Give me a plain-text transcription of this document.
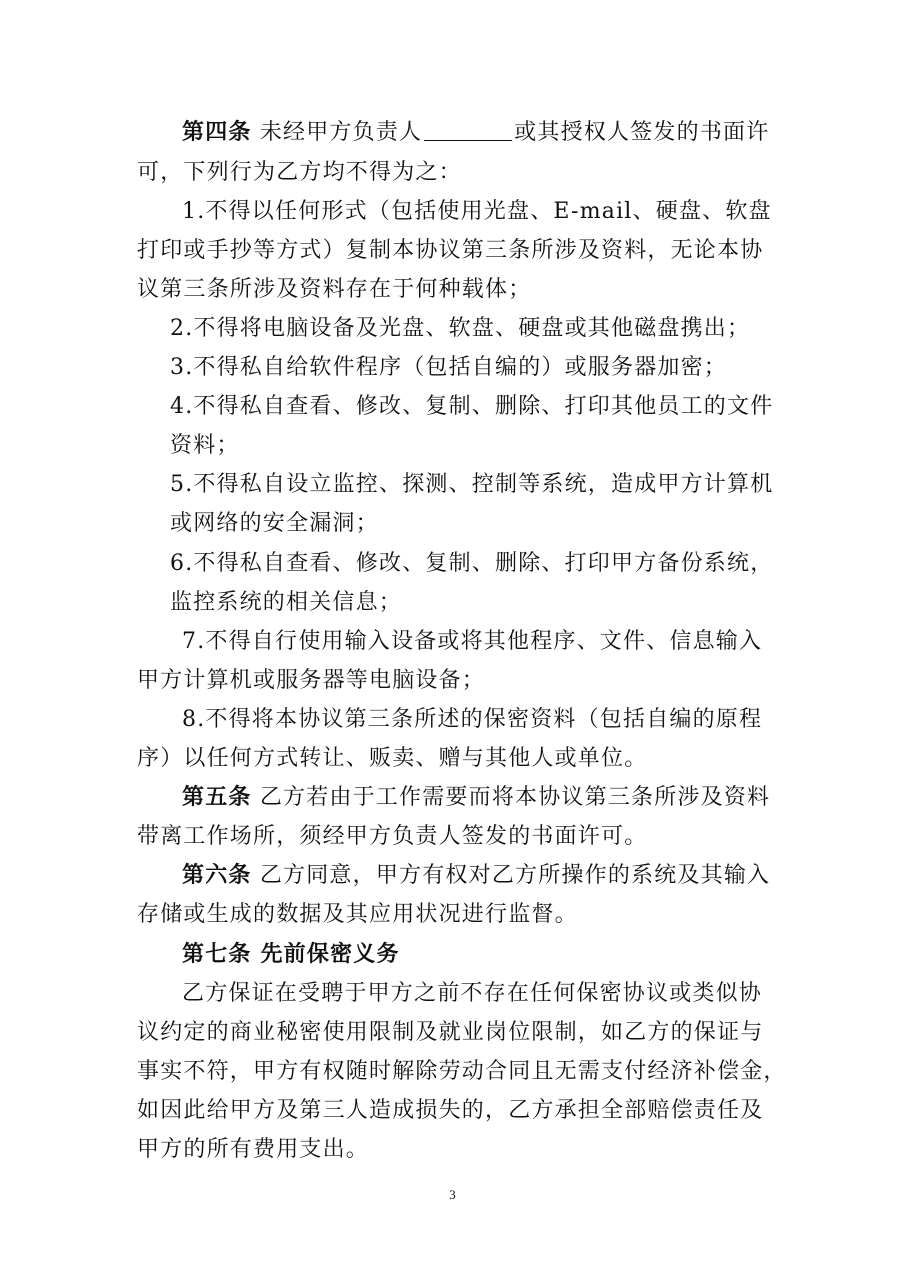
第四条 未经甲方负责人	或其授权人签发的书面许
可，下列行为乙方均不得为之：
1.不得以任何形式（包括使用光盘、E-mail、硬盘、软盘
打印或手抄等方式）复制本协议第三条所涉及资料，无论本协
议第三条所涉及资料存在于何种载体；
2.不得将电脑设备及光盘、软盘、硬盘或其他磁盘携出；
3.不得私自给软件程序（包括自编的）或服务器加密；
4.不得私自查看、修改、复制、删除、打印其他员工的文件
资料；
5.不得私自设立监控、探测、控制等系统，造成甲方计算机
或网络的安全漏洞；
6.不得私自查看、修改、复制、删除、打印甲方备份系统，
监控系统的相关信息；
7.不得自行使用输入设备或将其他程序、文件、信息输入
甲方计算机或服务器等电脑设备；
8.不得将本协议第三条所述的保密资料（包括自编的原程
序）以任何方式转让、贩卖、赠与其他人或单位。
第五条 乙方若由于工作需要而将本协议第三条所涉及资料
带离工作场所，须经甲方负责人签发的书面许可。
第六条 乙方同意，甲方有权对乙方所操作的系统及其输入
存储或生成的数据及其应用状况进行监督。
第七条 先前保密义务
乙方保证在受聘于甲方之前不存在任何保密协议或类似协
议约定的商业秘密使用限制及就业岗位限制，如乙方的保证与
事实不符，甲方有权随时解除劳动合同且无需支付经济补偿金，
如因此给甲方及第三人造成损失的，乙方承担全部赔偿责任及
甲方的所有费用支出。
3
